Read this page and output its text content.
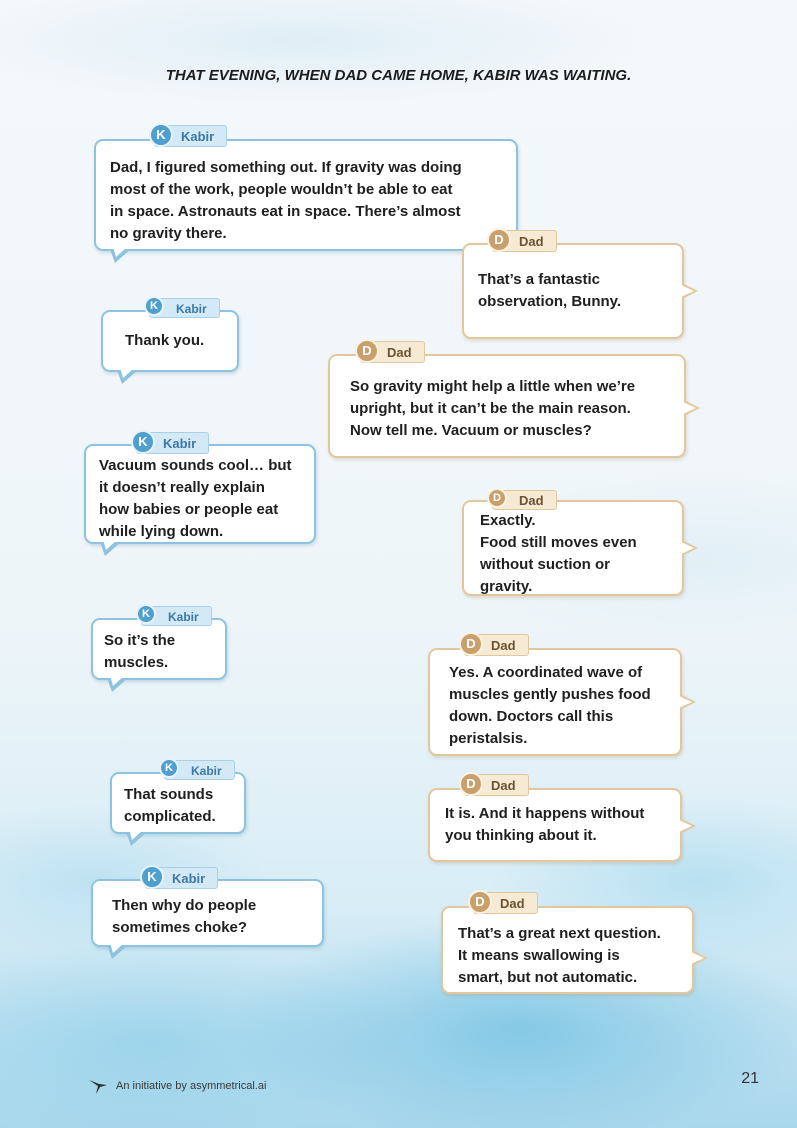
THAT EVENING, WHEN DAD CAME HOME, KABIR WAS WAITING.
K	Kabir
Dad, I figured something out. If gravity was doing
most of the work, people wouldn’t be able to eat
in space. Astronauts eat in space. There’s almost
no gravity there.	D	Dad
That’s a fantastic
observation, Bunny.
K	Kabir
Thank you.
D	Dad
So gravity might help a little when we’re
upright, but it can’t be the main reason.
Now tell me. Vacuum or muscles?
K	Kabir
Vacuum sounds cool… but
it doesn’t really explain
how babies or people eat
while lying down.
D	Dad
Exactly.
Food still moves even
without suction or
gravity.
K	Kabir
So it’s the
muscles.
D	Dad
Yes. A coordinated wave of
muscles gently pushes food
down. Doctors call this
peristalsis.
K	Kabir
That sounds
complicated.
D	Dad
It is. And it happens without
you thinking about it.
K	Kabir
Then why do people
sometimes choke?
D	Dad
That’s a great next question.
It means swallowing is
smart, but not automatic.
An initiative by asymmetrical.ai	21
